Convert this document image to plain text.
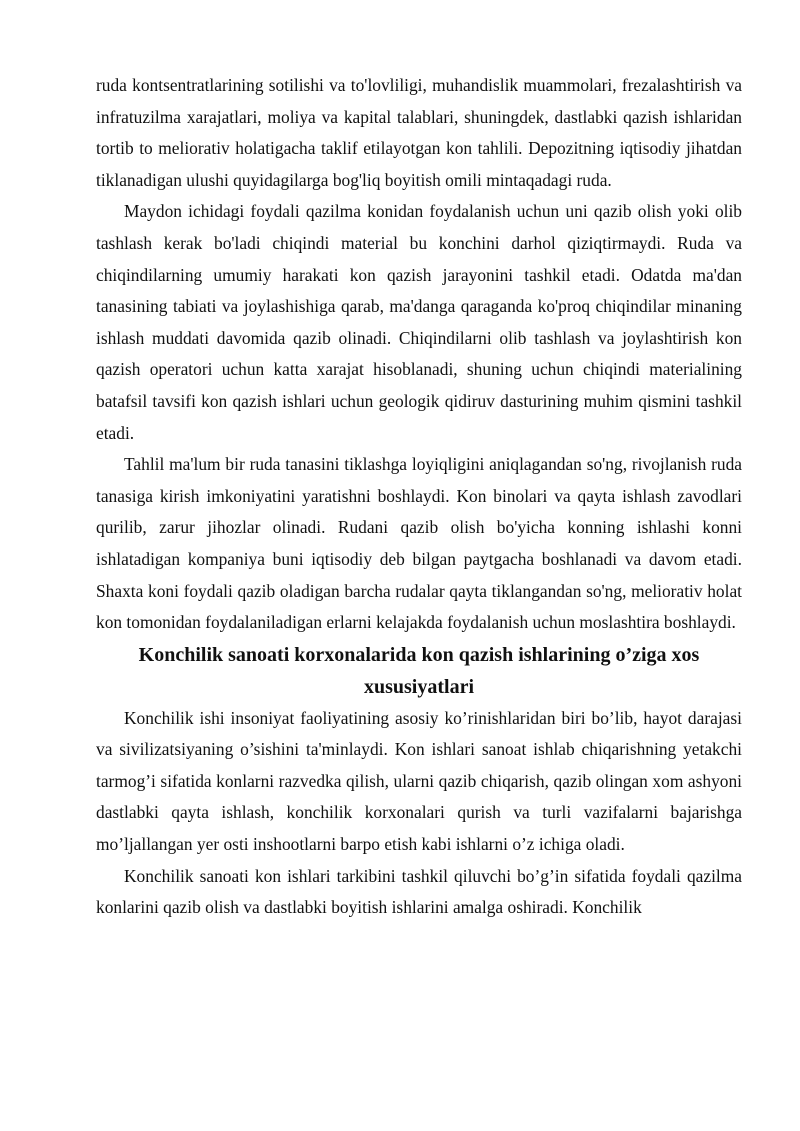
ruda kontsentratlarining sotilishi va to'lovliligi, muhandislik muammolari, frezalashtirish va infratuzilma xarajatlari, moliya va kapital talablari, shuningdek, dastlabki qazish ishlaridan tortib to meliorativ holatigacha taklif etilayotgan kon tahlili. Depozitning iqtisodiy jihatdan tiklanadigan ulushi quyidagilarga bog'liq boyitish omili mintaqadagi ruda.

Maydon ichidagi foydali qazilma konidan foydalanish uchun uni qazib olish yoki olib tashlash kerak bo'ladi chiqindi material bu konchini darhol qiziqtirmaydi. Ruda va chiqindilarning umumiy harakati kon qazish jarayonini tashkil etadi. Odatda ma'dan tanasining tabiati va joylashishiga qarab, ma'danga qaraganda ko'proq chiqindilar minaning ishlash muddati davomida qazib olinadi. Chiqindilarni olib tashlash va joylashtirish kon qazish operatori uchun katta xarajat hisoblanadi, shuning uchun chiqindi materialining batafsil tavsifi kon qazish ishlari uchun geologik qidiruv dasturining muhim qismini tashkil etadi.

Tahlil ma'lum bir ruda tanasini tiklashga loyiqligini aniqlagandan so'ng, rivojlanish ruda tanasiga kirish imkoniyatini yaratishni boshlaydi. Kon binolari va qayta ishlash zavodlari qurilib, zarur jihozlar olinadi. Rudani qazib olish bo'yicha konning ishlashi konni ishlatadigan kompaniya buni iqtisodiy deb bilgan paytgacha boshlanadi va davom etadi. Shaxta koni foydali qazib oladigan barcha rudalar qayta tiklangandan so'ng, meliorativ holat kon tomonidan foydalaniladigan erlarni kelajakda foydalanish uchun moslashtira boshlaydi.

Konchilik sanoati korxonalarida kon qazish ishlarining o’ziga xos xususiyatlari

Konchilik ishi insoniyat faoliyatining asosiy ko’rinishlaridan biri bo’lib, hayot darajasi va sivilizatsiyaning o’sishini ta'minlaydi. Kon ishlari sanoat ishlab chiqarishning yetakchi tarmog’i sifatida konlarni razvedka qilish, ularni qazib chiqarish, qazib olingan xom ashyoni dastlabki qayta ishlash, konchilik korxonalari qurish va turli vazifalarni bajarishga mo’ljallangan yer osti inshootlarni barpo etish kabi ishlarni o’z ichiga oladi.

Konchilik sanoati kon ishlari tarkibini tashkil qiluvchi bo’g’in sifatida foydali qazilma konlarini qazib olish va dastlabki boyitish ishlarini amalga oshiradi. Konchilik
